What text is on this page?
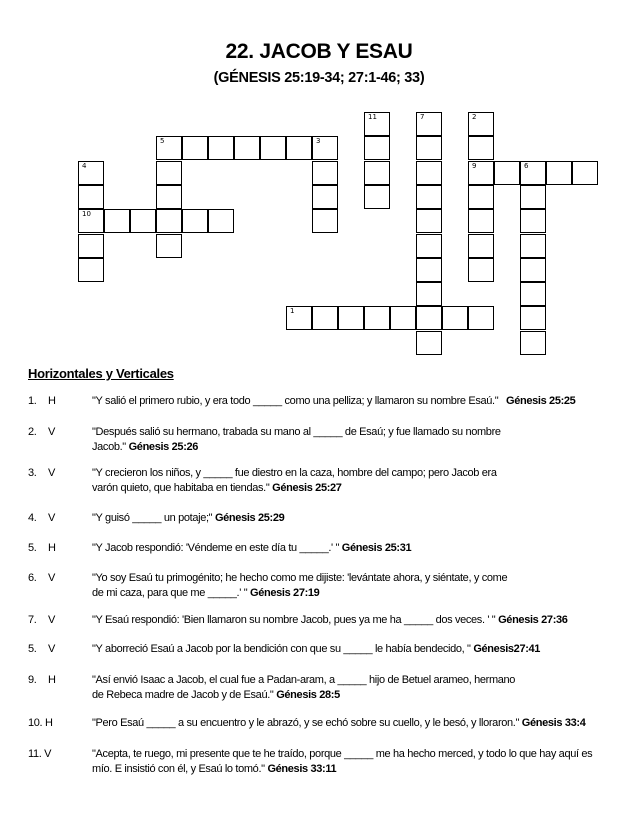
22. JACOB Y ESAU
(GÉNESIS 25:19-34; 27:1-46; 33)
11	7	2
5	3
4	9	6
10
1
Horizontales y Verticales
1. H	"Y salió el primero rubio, y era todo _____ como una pelliza; y llamaron su nombre Esaú." Génesis 25:25
2. V	"Después salió su hermano, trabada su mano al _____ de Esaú; y fue llamado su nombre
Jacob." Génesis 25:26
3. V	"Y crecieron los niños, y _____ fue diestro en la caza, hombre del campo; pero Jacob era
varón quieto, que habitaba en tiendas." Génesis 25:27
4. V	"Y guisó _____ un potaje;" Génesis 25:29
5. H	"Y Jacob respondió: 'Véndeme en este día tu _____.' " Génesis 25:31
6. V	"Yo soy Esaú tu primogénito; he hecho como me dijiste: 'levántate ahora, y siéntate, y come
de mi caza, para que me _____.' " Génesis 27:19
7. V	"Y Esaú respondió: 'Bien llamaron su nombre Jacob, pues ya me ha _____ dos veces. ' " Génesis 27:36
5. V	"Y aborreció Esaú a Jacob por la bendición con que su _____ le había bendecido, " Génesis27:41
9. H	"Así envió Isaac a Jacob, el cual fue a Padan-aram, a _____ hijo de Betuel arameo, hermano
de Rebeca madre de Jacob y de Esaú." Génesis 28:5
10. H	"Pero Esaú _____ a su encuentro y le abrazó, y se echó sobre su cuello, y le besó, y lloraron." Génesis 33:4
11. V	"Acepta, te ruego, mi presente que te he traído, porque _____ me ha hecho merced, y todo lo que hay aquí es
mío. E insistió con él, y Esaú lo tomó." Génesis 33:11
